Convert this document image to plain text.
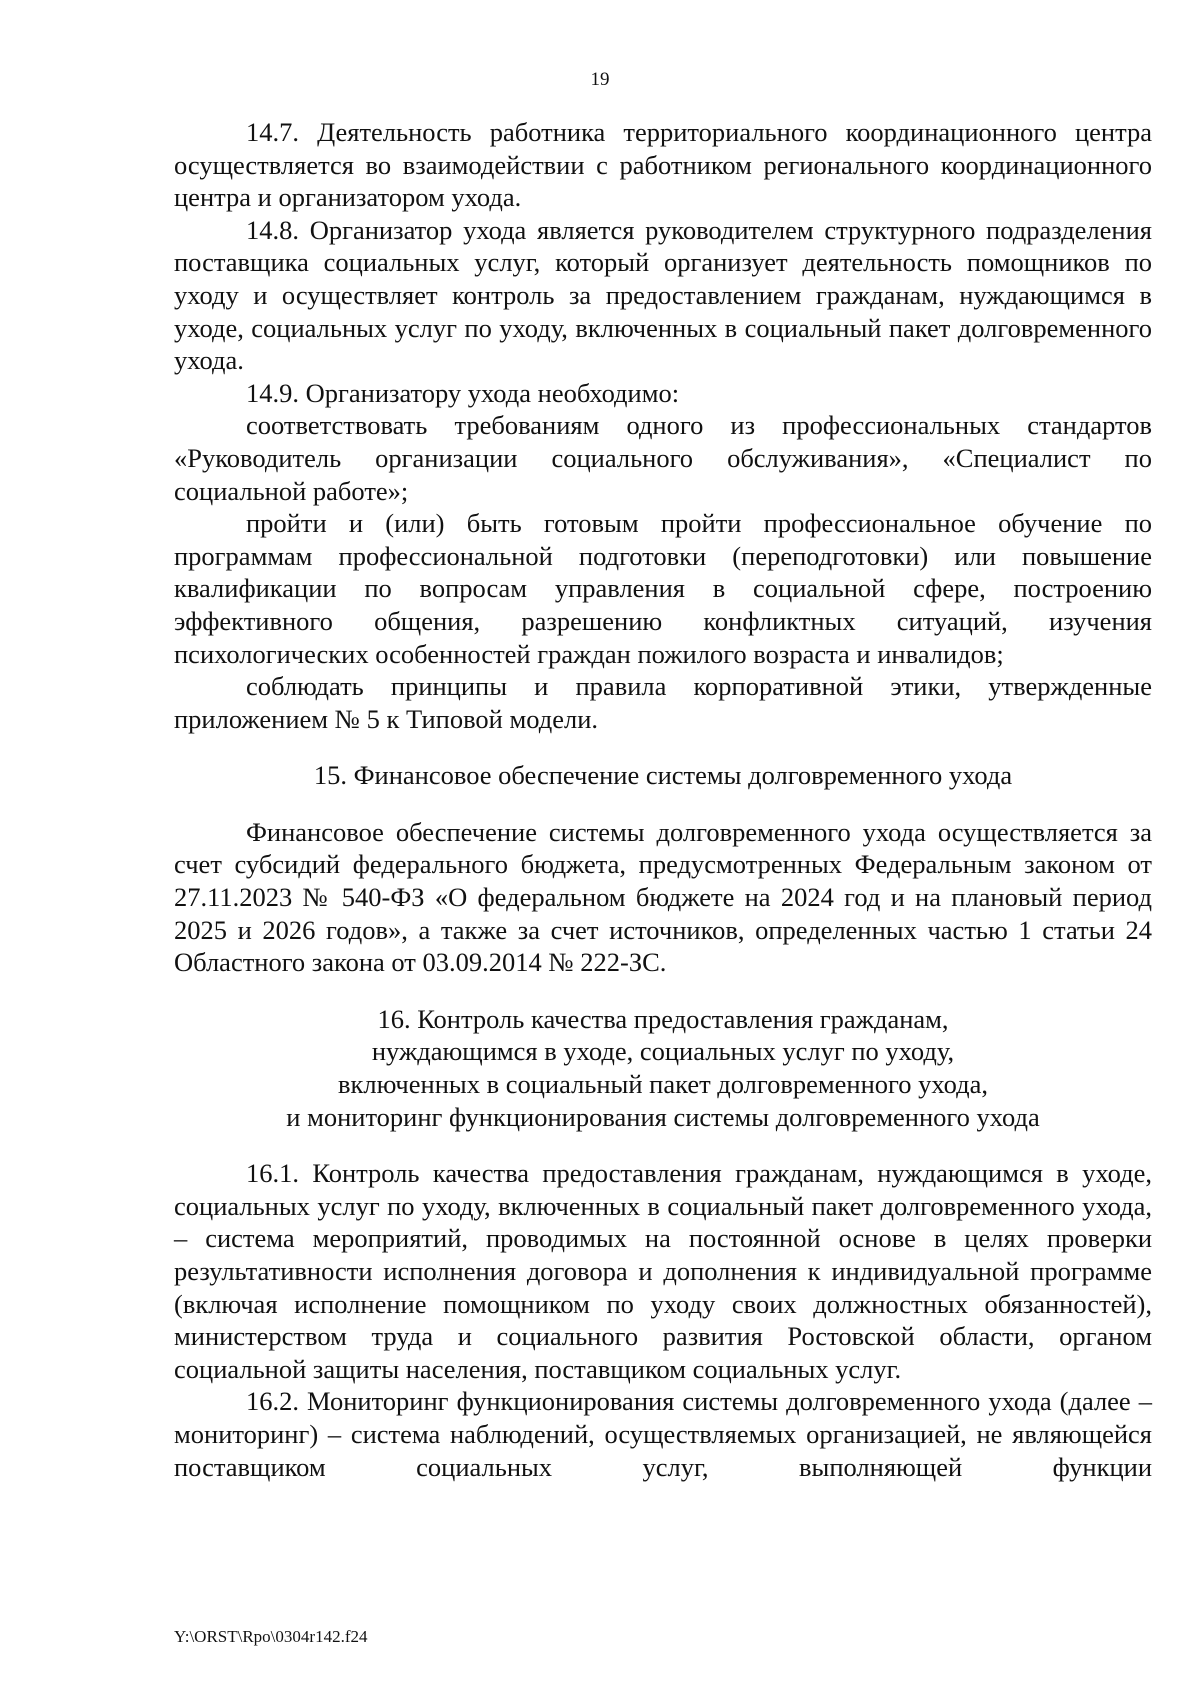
19

14.7. Деятельность работника территориального координационного центра осуществляется во взаимодействии с работником регионального координационного центра и организатором ухода.

14.8. Организатор ухода является руководителем структурного подразделения поставщика социальных услуг, который организует деятельность помощников по уходу и осуществляет контроль за предоставлением гражданам, нуждающимся в уходе, социальных услуг по уходу, включенных в социальный пакет долговременного ухода.

14.9. Организатору ухода необходимо:

соответствовать требованиям одного из профессиональных стандартов «Руководитель организации социального обслуживания», «Специалист по социальной работе»;

пройти и (или) быть готовым пройти профессиональное обучение по программам профессиональной подготовки (переподготовки) или повышение квалификации по вопросам управления в социальной сфере, построению эффективного общения, разрешению конфликтных ситуаций, изучения психологических особенностей граждан пожилого возраста и инвалидов;

соблюдать принципы и правила корпоративной этики, утвержденные приложением № 5 к Типовой модели.

15. Финансовое обеспечение системы долговременного ухода

Финансовое обеспечение системы долговременного ухода осуществляется за счет субсидий федерального бюджета, предусмотренных Федеральным законом от 27.11.2023 № 540-ФЗ «О федеральном бюджете на 2024 год и на плановый период 2025 и 2026 годов», а также за счет источников, определенных частью 1 статьи 24 Областного закона от 03.09.2014 № 222-ЗС.

16. Контроль качества предоставления гражданам,
нуждающимся в уходе, социальных услуг по уходу,
включенных в социальный пакет долговременного ухода,
и мониторинг функционирования системы долговременного ухода

16.1. Контроль качества предоставления гражданам, нуждающимся в уходе, социальных услуг по уходу, включенных в социальный пакет долговременного ухода, – система мероприятий, проводимых на постоянной основе в целях проверки результативности исполнения договора и дополнения к индивидуальной программе (включая исполнение помощником по уходу своих должностных обязанностей), министерством труда и социального развития Ростовской области, органом социальной защиты населения, поставщиком социальных услуг.

16.2. Мониторинг функционирования системы долговременного ухода (далее – мониторинг) – система наблюдений, осуществляемых организацией, не являющейся поставщиком социальных услуг, выполняющей функции

Y:\ORST\Rpo\0304r142.f24
